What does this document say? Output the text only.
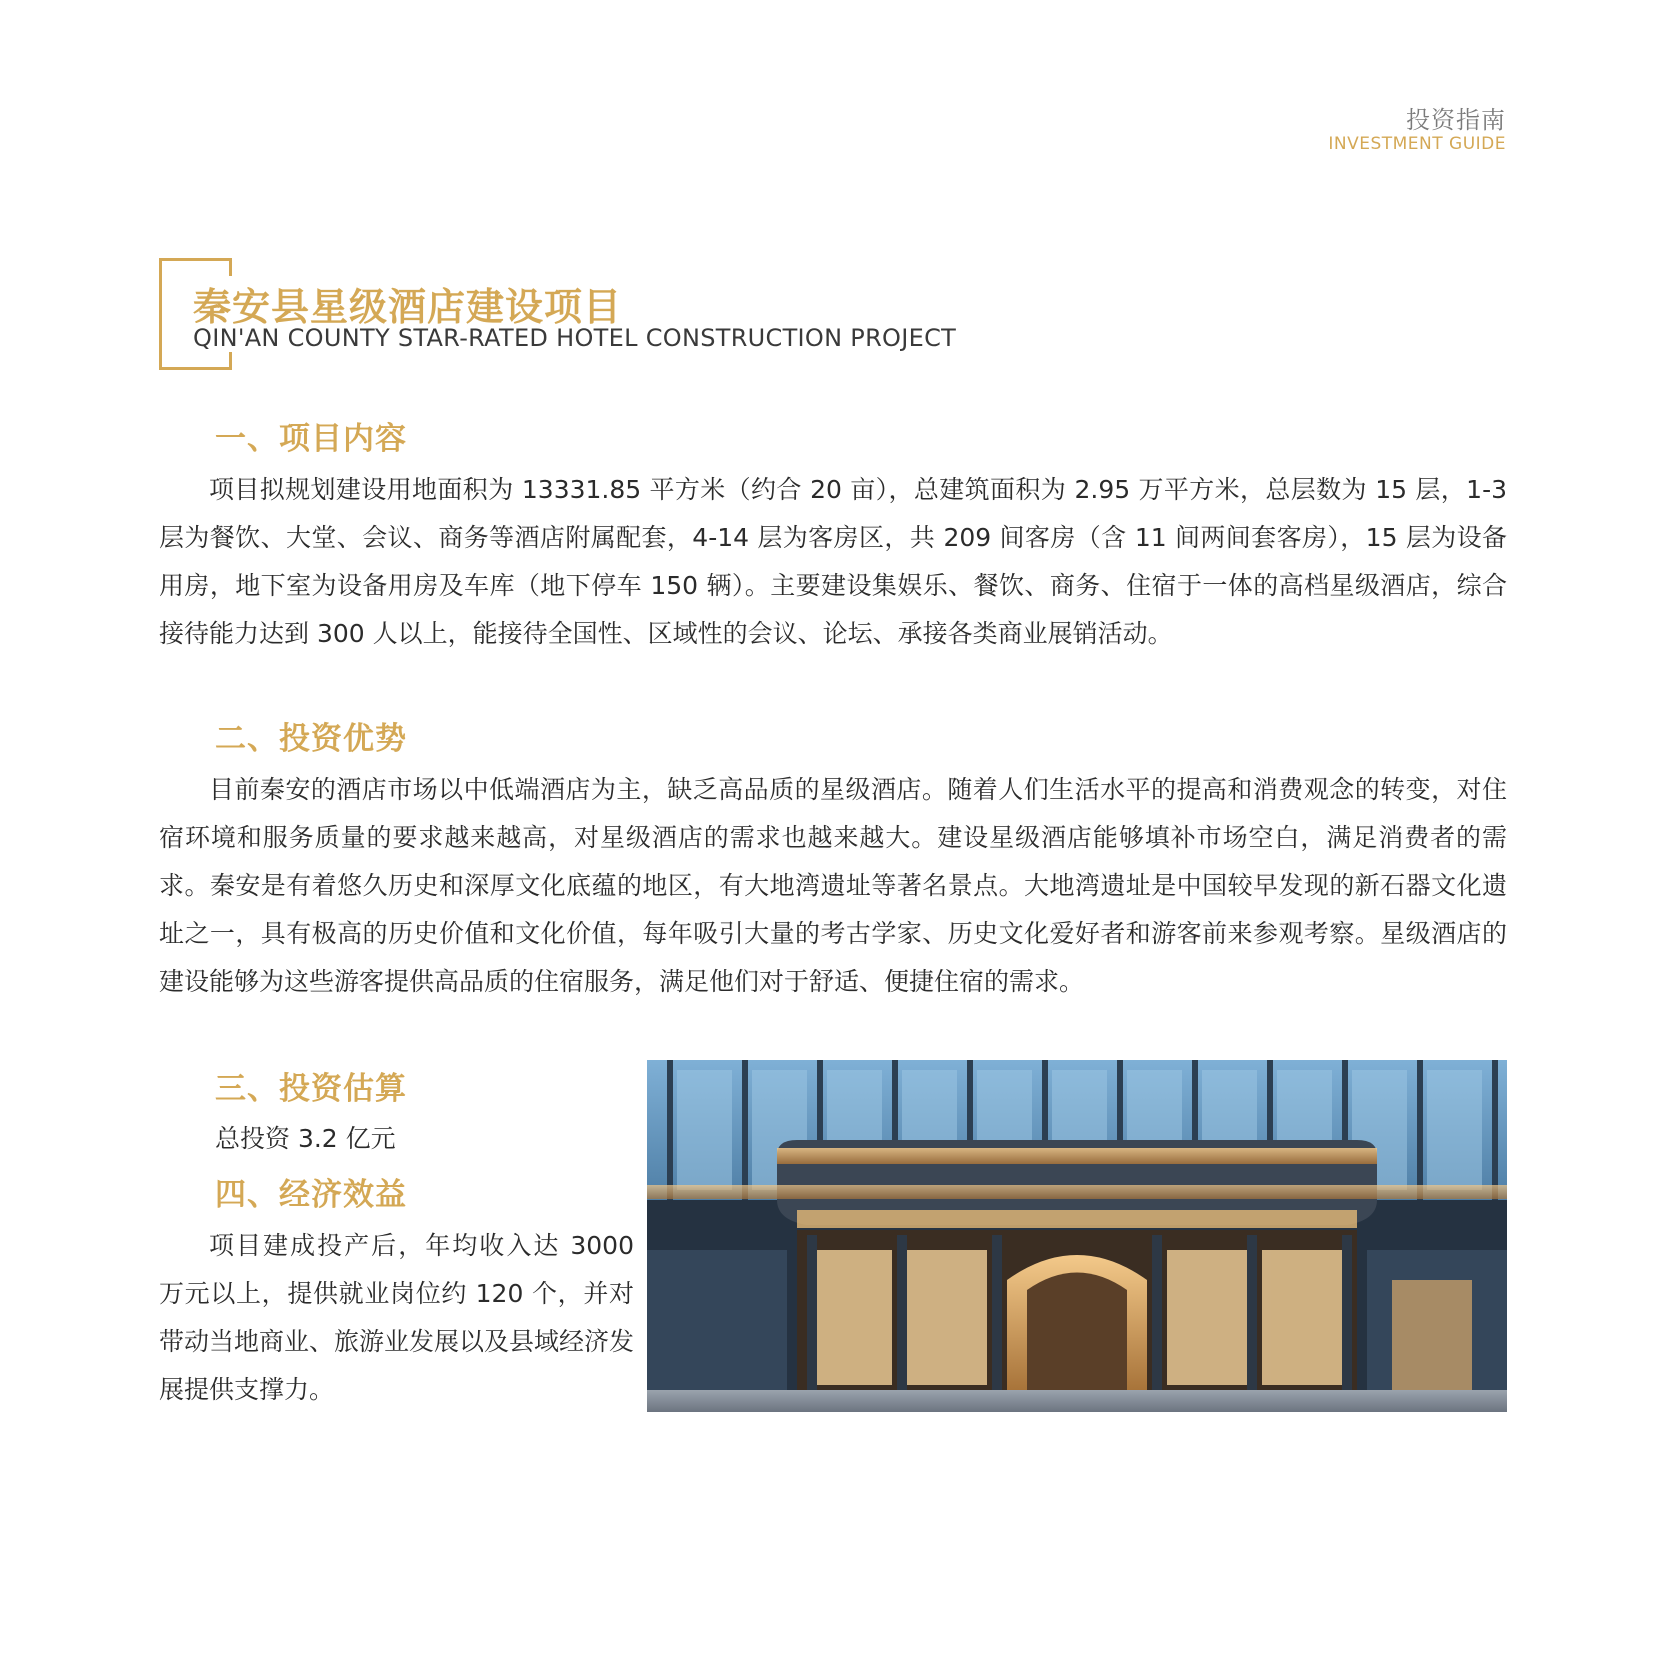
投资指南
INVESTMENT GUIDE
秦安县星级酒店建设项目
QIN'AN COUNTY STAR-RATED HOTEL CONSTRUCTION PROJECT
一、项目内容

项目拟规划建设用地面积为 13331.85 平方米（约合 20 亩），总建筑面积为 2.95 万平方米，总层数为 15 层，1-3 层为餐饮、大堂、会议、商务等酒店附属配套，4-14 层为客房区，共 209 间客房（含 11 间两间套客房），15 层为设备用房，地下室为设备用房及车库（地下停车 150 辆）。主要建设集娱乐、餐饮、商务、住宿于一体的高档星级酒店，综合接待能力达到 300 人以上，能接待全国性、区域性的会议、论坛、承接各类商业展销活动。

二、投资优势

目前秦安的酒店市场以中低端酒店为主，缺乏高品质的星级酒店。随着人们生活水平的提高和消费观念的转变，对住宿环境和服务质量的要求越来越高，对星级酒店的需求也越来越大。建设星级酒店能够填补市场空白，满足消费者的需求。秦安是有着悠久历史和深厚文化底蕴的地区，有大地湾遗址等著名景点。大地湾遗址是中国较早发现的新石器文化遗址之一，具有极高的历史价值和文化价值，每年吸引大量的考古学家、历史文化爱好者和游客前来参观考察。星级酒店的建设能够为这些游客提供高品质的住宿服务，满足他们对于舒适、便捷住宿的需求。

三、投资估算
总投资 3.2 亿元
四、经济效益

项目建成投产后，年均收入达 3000 万元以上，提供就业岗位约 120 个，并对带动当地商业、旅游业发展以及县域经济发展提供支撑力。
